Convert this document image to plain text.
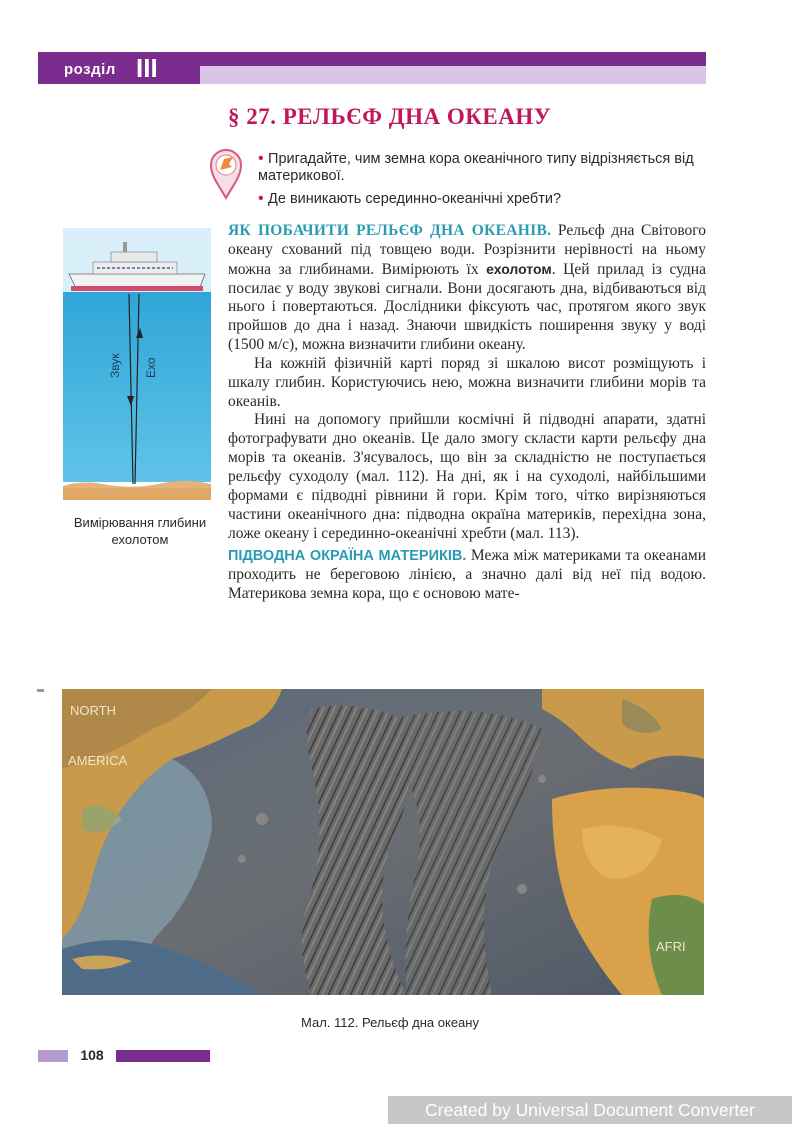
розділ III
§ 27. РЕЛЬЄФ ДНА ОКЕАНУ
• Пригадайте, чим земна кора океанічного типу відрізняється від материкової.
• Де виникають серединно-океанічні хребти?
Звук Ехо
Вимірювання глибини ехолотом

ЯК ПОБАЧИТИ РЕЛЬЄФ ДНА ОКЕАНІВ. Рельєф дна Світового океану схований під товщею води. Розрізнити нерівності на ньому можна за глибинами. Вимірюють їх ехолотом. Цей прилад із судна посилає у воду звукові сигнали. Вони досягають дна, відбиваються від нього і повертаються. Дослідники фіксують час, протягом якого звук пройшов до дна і назад. Знаючи швидкість поширення звуку у воді (1500 м/с), можна визначити глибини океану.

На кожній фізичній карті поряд зі шкалою висот розміщують і шкалу глибин. Користуючись нею, можна визначити глибини морів та океанів.

Нині на допомогу прийшли космічні й підводні апарати, здатні фотографувати дно океанів. Це дало змогу скласти карти рельєфу дна морів та океанів. З'ясувалось, що він за складністю не поступається рельєфу суходолу (мал. 112). На дні, як і на суходолі, найбільшими формами є підводні рівнини й гори. Крім того, чітко вирізняються частини океанічного дна: підводна окраїна материків, перехідна зона, ложе океану і серединно-океанічні хребти (мал. 113).

ПІДВОДНА ОКРАЇНА МАТЕРИКІВ. Межа між материками та океанами проходить не береговою лінією, а значно далі від неї під водою. Материкова земна кора, що є основою мате-

NORTH
AMERICA
AFRI
Мал. 112. Рельєф дна океану
108
Created by Universal Document Converter
